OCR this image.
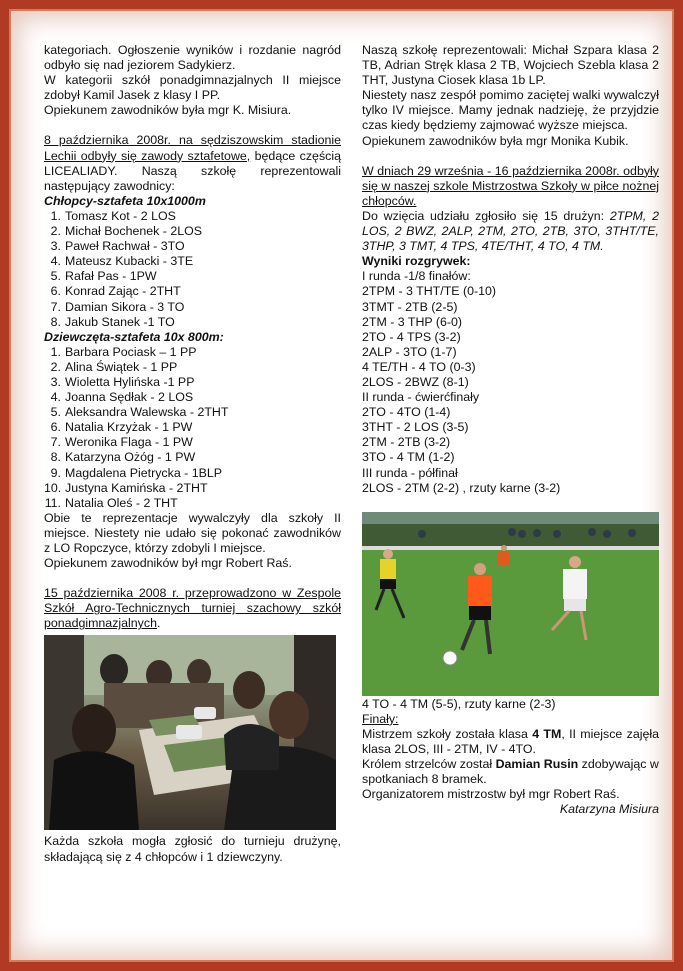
kategoriach. Ogłoszenie wyników i rozdanie nagród odbyło się nad jeziorem Sadykierz.

W kategorii szkół ponadgimnazjalnych II miejsce zdobył Kamil Jasek z klasy I PP.

Opiekunem zawodników była mgr K. Misiura.

8 października 2008r. na sędziszowskim stadionie Lechii odbyły się zawody sztafetowe, będące częścią LICEALIADY. Naszą szkołę reprezentowali następujący zawodnicy:

Chłopcy-sztafeta 10x1000m

1. Tomasz Kot - 2 LOS
2. Michał Bochenek - 2LOS
3. Paweł Rachwał - 3TO
4. Mateusz Kubacki - 3TE
5. Rafał Pas - 1PW
6. Konrad Zając - 2THT
7. Damian Sikora - 3 TO
8. Jakub Stanek -1 TO

Dziewczęta-sztafeta 10x 800m:

1. Barbara Pociask – 1 PP
2. Alina Świątek - 1 PP
3. Wioletta Hylińska -1 PP
4. Joanna Sędłak - 2 LOS
5. Aleksandra Walewska - 2THT
6. Natalia Krzyżak - 1 PW
7. Weronika Flaga - 1 PW
8. Katarzyna Ożóg - 1 PW
9. Magdalena Pietrycka - 1BLP
10. Justyna Kamińska - 2THT
11. Natalia Oleś - 2 THT

Obie te reprezentacje wywalczyły dla szkoły II miejsce. Niestety nie udało się pokonać zawodników z LO Ropczyce, którzy zdobyli I miejsce.

Opiekunem zawodników był mgr Robert Raś.

15 października 2008 r. przeprowadzono w Zespole Szkół Agro-Technicznych turniej szachowy szkół ponadgimnazjalnych.

Każda szkoła mogła zgłosić do turnieju drużynę, składającą się z 4 chłopców i 1 dziewczyny.

Naszą szkołę reprezentowali: Michał Szpara klasa 2 TB, Adrian Stręk klasa 2 TB, Wojciech Szebla klasa 2 THT, Justyna Ciosek klasa 1b LP.

Niestety nasz zespół pomimo zaciętej walki wywalczył tylko IV miejsce. Mamy jednak nadzieję, że przyjdzie czas kiedy będziemy zajmować wyższe miejsca.

Opiekunem zawodników była mgr Monika Kubik.

W dniach 29 września - 16 października 2008r. odbyły się w naszej szkole Mistrzostwa Szkoły w piłce nożnej chłopców.

Do wzięcia udziału zgłosiło się 15 drużyn: 2TPM, 2 LOS, 2 BWZ, 2ALP, 2TM, 2TO, 2TB, 3TO, 3THT/TE, 3THP, 3 TMT, 4 TPS, 4TE/THT, 4 TO, 4 TM.

Wyniki rozgrywek:

I runda -1/8 finałów:

2TPM - 3 THT/TE (0-10)

3TMT - 2TB (2-5)

2TM - 3 THP (6-0)

2TO - 4 TPS (3-2)

2ALP - 3TO (1-7)

4 TE/TH - 4 TO (0-3)

2LOS - 2BWZ (8-1)

II runda - ćwierćfinały

2TO - 4TO (1-4)

3THT - 2 LOS (3-5)

2TM - 2TB (3-2)

3TO - 4 TM (1-2)

III runda - półfinał

2LOS - 2TM (2-2) , rzuty karne (3-2)

4 TO - 4 TM (5-5), rzuty karne (2-3)

Finały:

Mistrzem szkoły została klasa 4 TM, II miejsce zajęła klasa 2LOS, III - 2TM, IV - 4TO.

Królem strzelców został Damian Rusin zdobywając w spotkaniach 8 bramek.

Organizatorem mistrzostw był mgr Robert Raś.

Katarzyna Misiura
